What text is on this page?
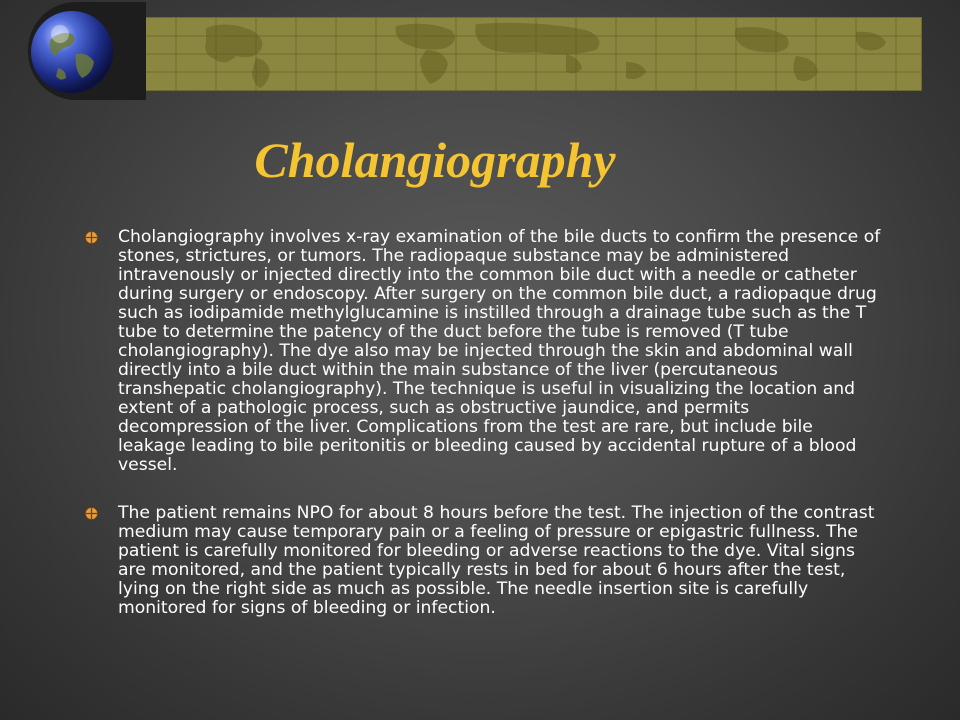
Cholangiography
Cholangiography involves x-ray examination of the bile ducts to confirm the presence of stones, strictures, or tumors. The radiopaque substance may be administered intravenously or injected directly into the common bile duct with a needle or catheter during surgery or endoscopy. After surgery on the common bile duct, a radiopaque drug such as iodipamide methylglucamine is instilled through a drainage tube such as the T tube to determine the patency of the duct before the tube is removed (T tube cholangiography). The dye also may be injected through the skin and abdominal wall directly into a bile duct within the main substance of the liver (percutaneous transhepatic cholangiography). The technique is useful in visualizing the location and extent of a pathologic process, such as obstructive jaundice, and permits decompression of the liver. Complications from the test are rare, but include bile leakage leading to bile peritonitis or bleeding caused by accidental rupture of a blood vessel.
The patient remains NPO for about 8 hours before the test. The injection of the contrast medium may cause temporary pain or a feeling of pressure or epigastric fullness. The patient is carefully monitored for bleeding or adverse reactions to the dye. Vital signs are monitored, and the patient typically rests in bed for about 6 hours after the test, lying on the right side as much as possible. The needle insertion site is carefully monitored for signs of bleeding or infection.
